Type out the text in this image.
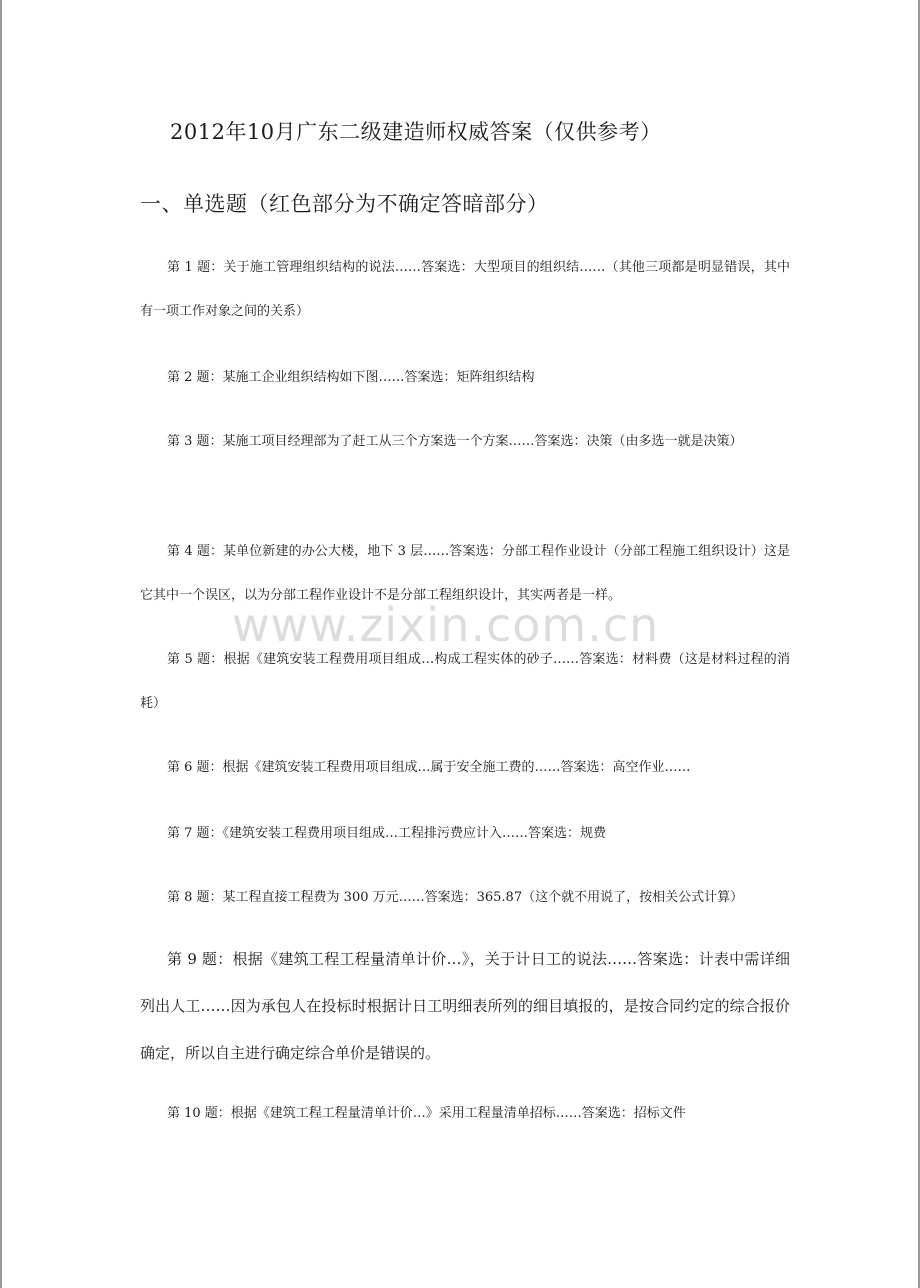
2012年10月广东二级建造师权威答案（仅供参考）
一、单选题（红色部分为不确定答暗部分）
第 1 题：关于施工管理组织结构的说法……答案选：大型项目的组织结……（其他三项都是明显错误，其中有一项工作对象之间的关系）
第 2 题：某施工企业组织结构如下图……答案选：矩阵组织结构
第 3 题：某施工项目经理部为了赶工从三个方案选一个方案……答案选：决策（由多选一就是决策）
第 4 题：某单位新建的办公大楼，地下 3 层……答案选：分部工程作业设计（分部工程施工组织设计）这是它其中一个误区，以为分部工程作业设计不是分部工程组织设计，其实两者是一样。
第 5 题：根据《建筑安装工程费用项目组成…构成工程实体的砂子……答案选：材料费（这是材料过程的消耗）
第 6 题：根据《建筑安装工程费用项目组成…属于安全施工费的……答案选：高空作业……
第 7 题：《建筑安装工程费用项目组成…工程排污费应计入……答案选：规费
第 8 题：某工程直接工程费为 300 万元……答案选：365.87（这个就不用说了，按相关公式计算）
第 9 题：根据《建筑工程工程量清单计价…》，关于计日工的说法……答案选：计表中需详细列出人工……因为承包人在投标时根据计日工明细表所列的细目填报的，是按合同约定的综合报价确定，所以自主进行确定综合单价是错误的。
第 10 题：根据《建筑工程工程量清单计价…》采用工程量清单招标……答案选：招标文件
www.zixin.com.cn
